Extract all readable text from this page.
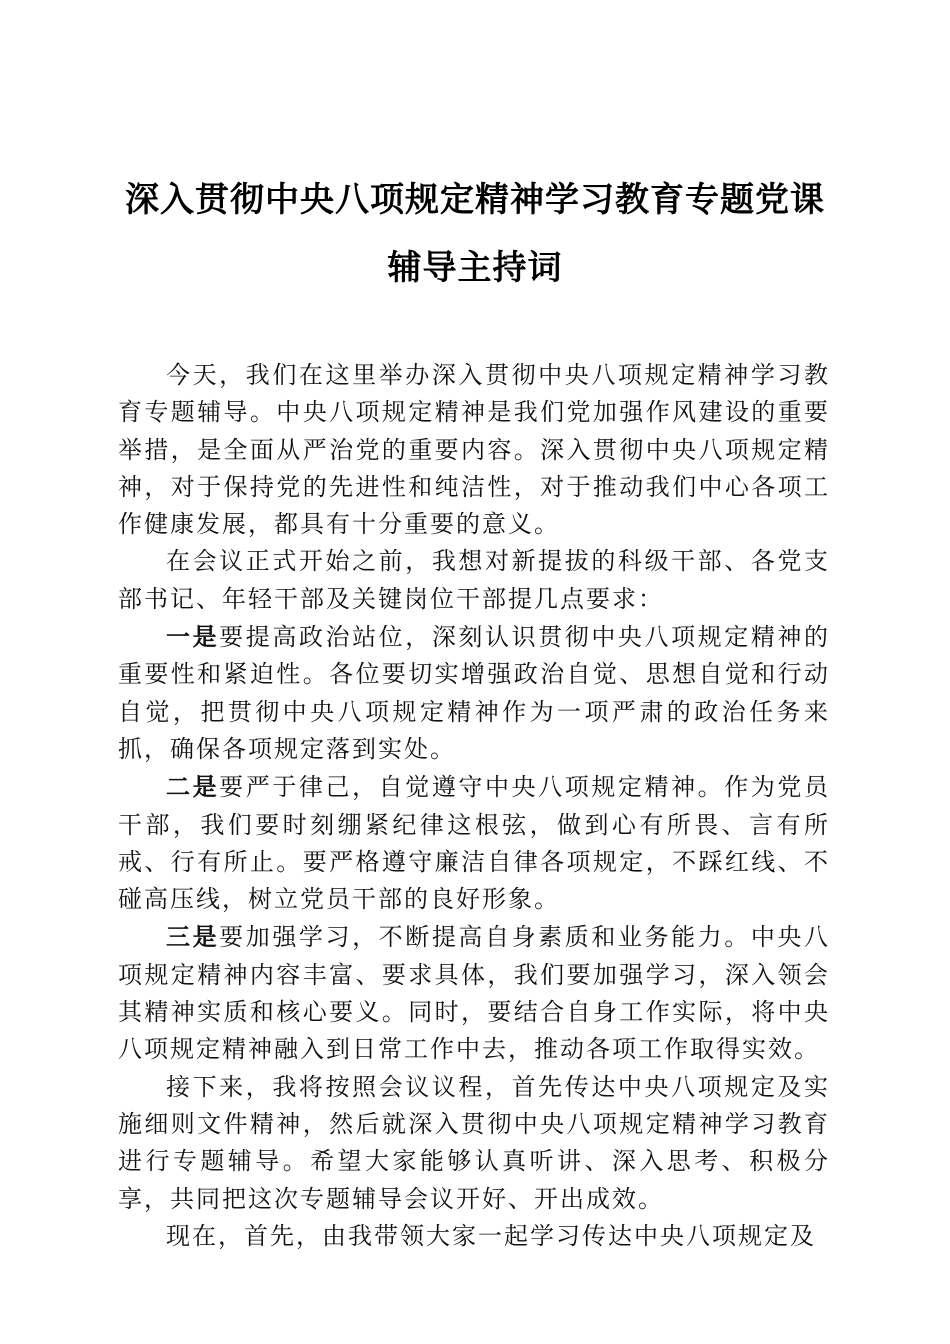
深入贯彻中央八项规定精神学习教育专题党课
辅导主持词

今天，我们在这里举办深入贯彻中央八项规定精神学习教育专题辅导。中央八项规定精神是我们党加强作风建设的重要举措，是全面从严治党的重要内容。深入贯彻中央八项规定精神，对于保持党的先进性和纯洁性，对于推动我们中心各项工作健康发展，都具有十分重要的意义。

在会议正式开始之前，我想对新提拔的科级干部、各党支部书记、年轻干部及关键岗位干部提几点要求：

一是要提高政治站位，深刻认识贯彻中央八项规定精神的重要性和紧迫性。各位要切实增强政治自觉、思想自觉和行动自觉，把贯彻中央八项规定精神作为一项严肃的政治任务来抓，确保各项规定落到实处。

二是要严于律己，自觉遵守中央八项规定精神。作为党员干部，我们要时刻绷紧纪律这根弦，做到心有所畏、言有所戒、行有所止。要严格遵守廉洁自律各项规定，不踩红线、不碰高压线，树立党员干部的良好形象。

三是要加强学习，不断提高自身素质和业务能力。中央八项规定精神内容丰富、要求具体，我们要加强学习，深入领会其精神实质和核心要义。同时，要结合自身工作实际，将中央八项规定精神融入到日常工作中去，推动各项工作取得实效。

接下来，我将按照会议议程，首先传达中央八项规定及实施细则文件精神，然后就深入贯彻中央八项规定精神学习教育进行专题辅导。希望大家能够认真听讲、深入思考、积极分享，共同把这次专题辅导会议开好、开出成效。

现在，首先，由我带领大家一起学习传达中央八项规定及
